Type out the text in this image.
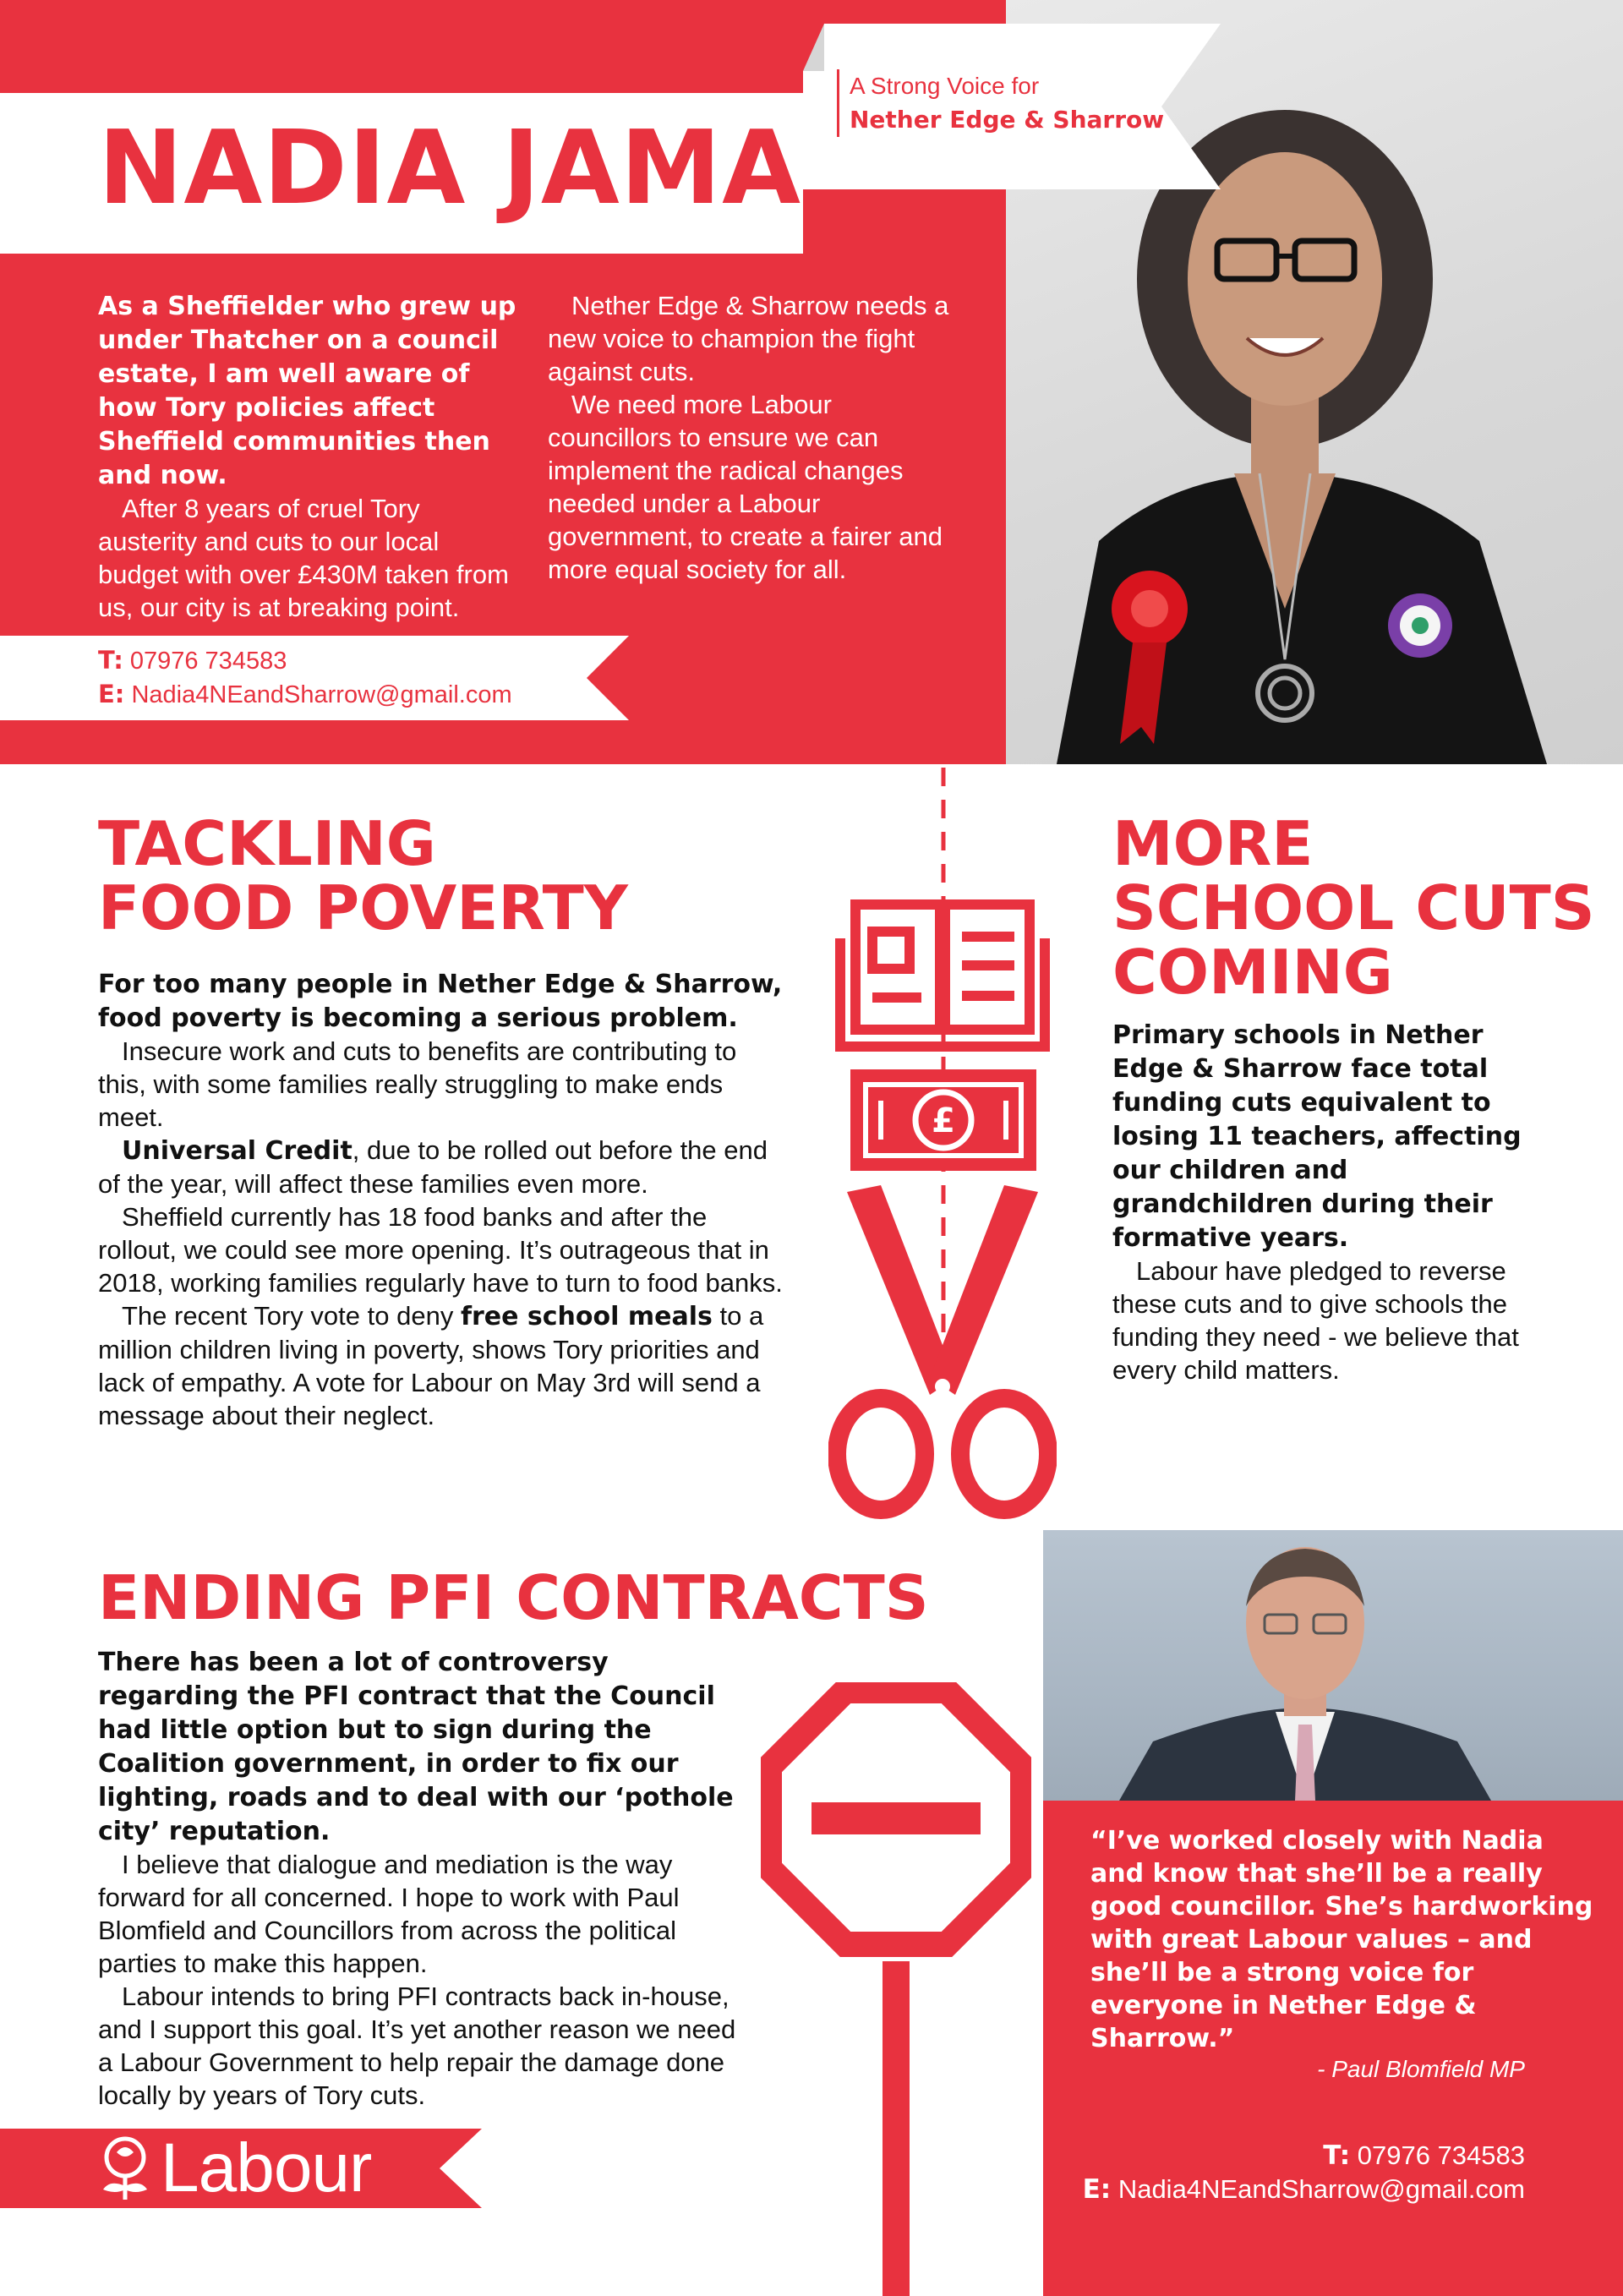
NADIA JAMA
A Strong Voice for
Nether Edge & Sharrow

As a Sheffielder who grew up under Thatcher on a council estate, I am well aware of how Tory policies affect Sheffield communities then and now.

After 8 years of cruel Tory austerity and cuts to our local budget with over £430M taken from us, our city is at breaking point.

Nether Edge & Sharrow needs a new voice to champion the fight against cuts.

We need more Labour councillors to ensure we can implement the radical changes needed under a Labour government, to create a fairer and more equal society for all.

T: 07976 734583
E: Nadia4NEandSharrow@gmail.com
TACKLING
FOOD POVERTY

For too many people in Nether Edge & Sharrow, food poverty is becoming a serious problem.

Insecure work and cuts to benefits are contributing to this, with some families really struggling to make ends meet.

Universal Credit, due to be rolled out before the end of the year, will affect these families even more.

Sheffield currently has 18 food banks and after the rollout, we could see more opening. It’s outrageous that in 2018, working families regularly have to turn to food banks.

The recent Tory vote to deny free school meals to a million children living in poverty, shows Tory priorities and lack of empathy. A vote for Labour on May 3rd will send a message about their neglect.

£
MORE
SCHOOL CUTS
COMING

Primary schools in Nether Edge & Sharrow face total funding cuts equivalent to losing 11 teachers, affecting our children and grandchildren during their formative years.

Labour have pledged to reverse these cuts and to give schools the funding they need - we believe that every child matters.

ENDING PFI CONTRACTS

There has been a lot of controversy regarding the PFI contract that the Council had little option but to sign during the Coalition government, in order to fix our lighting, roads and to deal with our ‘pothole city’ reputation.

I believe that dialogue and mediation is the way forward for all concerned. I hope to work with Paul Blomfield and Councillors from across the political parties to make this happen.

Labour intends to bring PFI contracts back in-house, and I support this goal. It’s yet another reason we need a Labour Government to help repair the damage done locally by years of Tory cuts.

“I’ve worked closely with Nadia and know that she’ll be a really good councillor. She’s hardworking with great Labour values – and she’ll be a strong voice for everyone in Nether Edge & Sharrow.”
- Paul Blomfield MP
T: 07976 734583
E: Nadia4NEandSharrow@gmail.com
Labour
